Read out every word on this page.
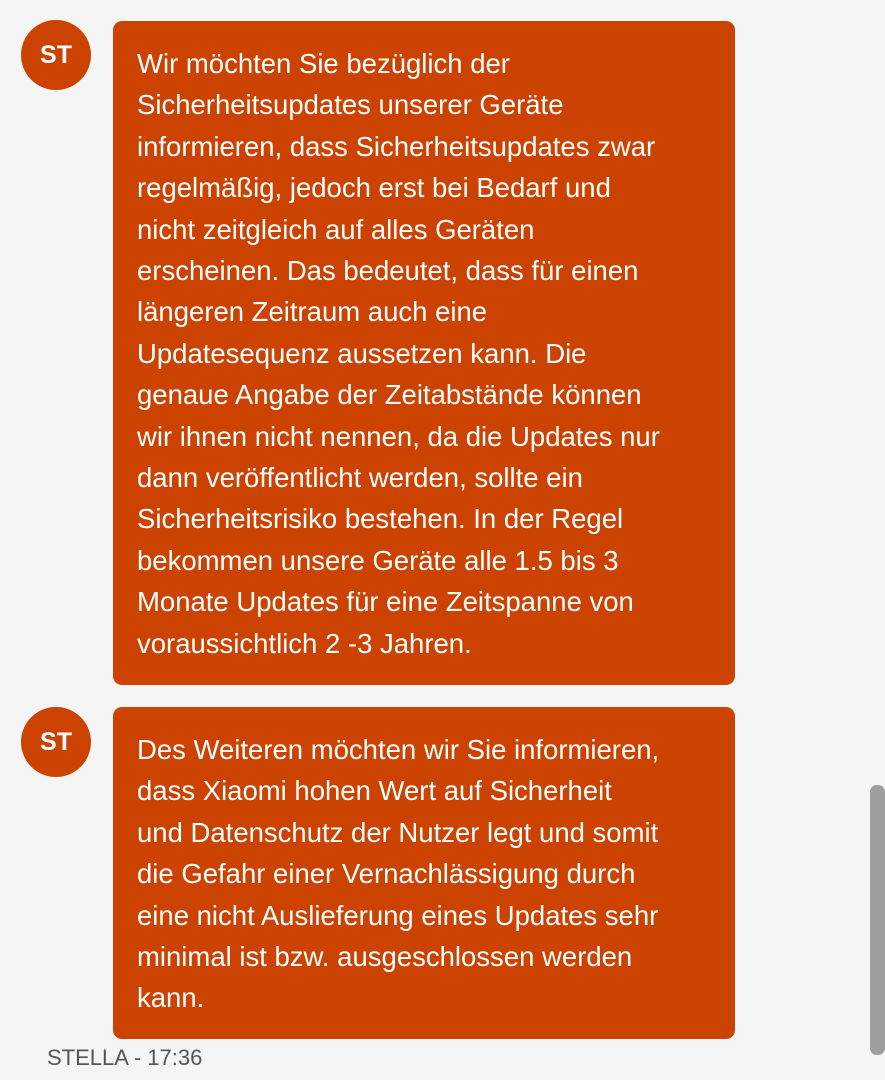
ST	Wir möchten Sie bezüglich der
Sicherheitsupdates unserer Geräte
informieren, dass Sicherheitsupdates zwar
regelmäßig, jedoch erst bei Bedarf und
nicht zeitgleich auf alles Geräten
erscheinen. Das bedeutet, dass für einen
längeren Zeitraum auch eine
Updatesequenz aussetzen kann. Die
genaue Angabe der Zeitabstände können
wir ihnen nicht nennen, da die Updates nur
dann veröffentlicht werden, sollte ein
Sicherheitsrisiko bestehen. In der Regel
bekommen unsere Geräte alle 1.5 bis 3
Monate Updates für eine Zeitspanne von
voraussichtlich 2 -3 Jahren.
ST	Des Weiteren möchten wir Sie informieren,
dass Xiaomi hohen Wert auf Sicherheit
und Datenschutz der Nutzer legt und somit
die Gefahr einer Vernachlässigung durch
eine nicht Auslieferung eines Updates sehr
minimal ist bzw. ausgeschlossen werden
kann.
STELLA - 17:36
